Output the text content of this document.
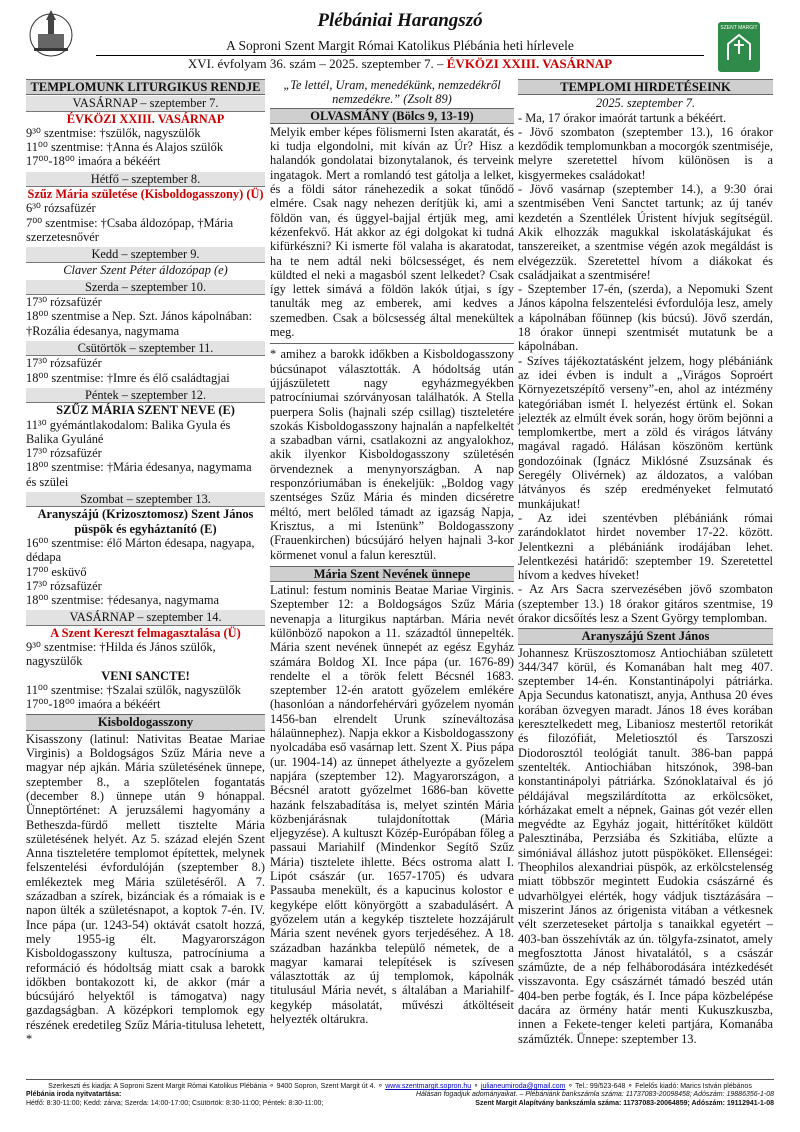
SZENT MARGIT
Plébániai Harangszó
A Soproni Szent Margit Római Katolikus Plébánia heti hírlevele
XVI. évfolyam 36. szám – 2025. szeptember 7. – ÉVKÖZI XXIII. VASÁRNAP
TEMPLOMUNK LITURGIKUS RENDJE
VASÁRNAP – szeptember 7.

ÉVKÖZI XXIII. VASÁRNAP

9³⁰ szentmise: †szülők, nagyszülők

11⁰⁰ szentmise: †Anna és Alajos szülők

17⁰⁰-18⁰⁰ imaóra a békéért

Hétfő – szeptember 8.

Szűz Mária születése (Kisboldogasszony) (Ü)

6³⁰ rózsafüzér

7⁰⁰ szentmise: †Csaba áldozópap, †Mária szerzetesnővér

Kedd – szeptember 9.

Claver Szent Péter áldozópap (e)

Szerda – szeptember 10.

17³⁰ rózsafüzér

18⁰⁰ szentmise a Nep. Szt. János kápolnában: †Rozália édesanya, nagymama

Csütörtök – szeptember 11.

17³⁰ rózsafüzér

18⁰⁰ szentmise: †Imre és élő családtagjai

Péntek – szeptember 12.

SZŰZ MÁRIA SZENT NEVE (E)

11³⁰ gyémántlakodalom: Balika Gyula és Balika Gyuláné

17³⁰ rózsafüzér

18⁰⁰ szentmise: †Mária édesanya, nagymama és szülei

Szombat – szeptember 13.

Aranyszájú (Krizosztomosz) Szent János püspök és egyháztanító (E)

16⁰⁰ szentmise: élő Márton édesapa, nagyapa, dédapa

17⁰⁰ esküvő

17³⁰ rózsafüzér

18⁰⁰ szentmise: †édesanya, nagymama

VASÁRNAP – szeptember 14.

A Szent Kereszt felmagasztalása (Ü)

9³⁰ szentmise: †Hilda és János szülők, nagyszülők

VENI SANCTE!

11⁰⁰ szentmise: †Szalai szülők, nagyszülők

17⁰⁰-18⁰⁰ imaóra a békéért

Kisboldogasszony

Kisasszony (latinul: Nativitas Beatae Mariae Virginis) a Boldogságos Szűz Mária neve a magyar nép ajkán. Mária születésének ünnepe, szeptember 8., a szeplőtelen fogantatás (december 8.) ünnepe után 9 hónappal. Ünneptörténet: A jeruzsálemi hagyomány a Betheszda-fürdő mellett tisztelte Mária születésének helyét. Az 5. század elején Szent Anna tiszteletére templomot építettek, melynek felszentelési évfordulóján (szeptember 8.) emlékeztek meg Mária születéséről. A 7. században a szírek, bizánciak és a rómaiak is e napon ülték a születésnapot, a koptok 7-én. IV. Ince pápa (ur. 1243-54) oktávát csatolt hozzá, mely 1955-ig élt. Magyarországon Kisboldogasszony kultusza, patrocíniuma a reformáció és hódoltság miatt csak a barokk időkben bontakozott ki, de akkor (már a búcsújáró helyektől is támogatva) nagy gazdagságban. A középkori templomok egy részének eredetileg Szűz Mária-titulusa lehetett, *

„Te lettél, Uram, menedékünk, nemzedékről nemzedékre.” (Zsolt 89)

OLVASMÁNY (Bölcs 9, 13-19)

Melyik ember képes fölismerni Isten akaratát, és ki tudja elgondolni, mit kíván az Úr? Hisz a halandók gondolatai bizonytalanok, és terveink ingatagok. Mert a romlandó test gátolja a lelket, és a földi sátor ránehezedik a sokat tűnődő elmére. Csak nagy nehezen derítjük ki, ami a földön van, és üggyel-bajjal értjük meg, ami kézenfekvő. Hát akkor az égi dolgokat ki tudná kifürkészni? Ki ismerte föl valaha is akaratodat, ha te nem adtál neki bölcsességet, és nem küldted el neki a magasból szent lelkedet? Csak így lettek simává a földön lakók útjai, s így tanulták meg az emberek, ami kedves a szemedben. Csak a bölcsesség által menekültek meg.

* amihez a barokk időkben a Kisboldogasszony búcsúnapot választották. A hódoltság után újjászületett nagy egyházmegyékben patrocíniumai szórványosan találhatók. A Stella puerpera Solis (hajnali szép csillag) tiszteletére szokás Kisboldogasszony hajnalán a napfelkeltét a szabadban várni, csatlakozni az angyalokhoz, akik ilyenkor Kisboldogasszony születésén örvendeznek a menynyországban. A nap responzóriumában is énekeljük: „Boldog vagy szentséges Szűz Mária és minden dicséretre méltó, mert belőled támadt az igazság Napja, Krisztus, a mi Istenünk” Boldogasszony (Frauenkirchen) búcsújáró helyen hajnali 3-kor körmenet vonul a falun keresztül.

Mária Szent Nevének ünnepe

Latinul: festum nominis Beatae Mariae Virginis. Szeptember 12: a Boldogságos Szűz Mária nevenapja a liturgikus naptárban. Mária nevét különböző napokon a 11. századtól ünnepelték. Mária szent nevének ünnepét az egész Egyház számára Boldog XI. Ince pápa (ur. 1676-89) rendelte el a török felett Bécsnél 1683. szeptember 12-én aratott győzelem emlékére (hasonlóan a nándorfehérvári győzelem nyomán 1456-ban elrendelt Urunk színeváltozása hálaünnephez). Napja ekkor a Kisboldogasszony nyolcadába eső vasárnap lett. Szent X. Pius pápa (ur. 1904-14) az ünnepet áthelyezte a győzelem napjára (szeptember 12). Magyarországon, a Bécsnél aratott győzelmet 1686-ban követte hazánk felszabadítása is, melyet szintén Mária közbenjárásnak tulajdonítottak (Mária eljegyzése). A kultuszt Közép-Európában főleg a passaui Mariahilf (Mindenkor Segítő Szűz Mária) tisztelete ihlette. Bécs ostroma alatt I. Lipót császár (ur. 1657-1705) és udvara Passauba menekült, és a kapucinus kolostor e kegyképe előtt könyörgött a szabadulásért. A győzelem után a kegykép tisztelete hozzájárult Mária szent nevének gyors terjedéséhez. A 18. században hazánkba települő németek, de a magyar kamarai telepítések is szívesen választották az új templomok, kápolnák titulusául Mária nevét, s általában a Mariahilf-kegykép másolatát, művészi átköltéseit helyezték oltárukra.

TEMPLOMI HIRDETÉSEINK

2025. szeptember 7.

- Ma, 17 órakor imaórát tartunk a békéért.

- Jövő szombaton (szeptember 13.), 16 órakor kezdődik templomunkban a mocorgók szentmiséje, melyre szeretettel hívom különösen is a kisgyermekes családokat!

- Jövő vasárnap (szeptember 14.), a 9:30 órai szentmisében Veni Sanctet tartunk; az új tanév kezdetén a Szentlélek Úristent hívjuk segítségül. Akik elhozzák magukkal iskolatáskájukat és tanszereiket, a szentmise végén azok megáldást is elvégezzük. Szeretettel hívom a diákokat és családjaikat a szentmisére!

- Szeptember 17-én, (szerda), a Nepomuki Szent János kápolna felszentelési évfordulója lesz, amely a kápolnában főünnep (kis búcsú). Jövő szerdán, 18 órakor ünnepi szentmisét mutatunk be a kápolnában.

- Szíves tájékoztatásként jelzem, hogy plébániánk az idei évben is indult a „Virágos Soproért Környezetszépítő verseny”-en, ahol az intézmény kategóriában ismét I. helyezést értünk el. Sokan jelezték az elmúlt évek során, hogy öröm bejönni a templomkertbe, mert a zöld és virágos látvány magával ragadó. Hálásan köszönöm kertünk gondozóinak (Ignácz Miklósné Zsuzsának és Seregély Olivérnek) az áldozatos, a valóban látványos és szép eredményeket felmutató munkájukat!

- Az idei szentévben plébániánk római zarándoklatot hirdet november 17-22. között. Jelentkezni a plébániánk irodájában lehet. Jelentkezési határidő: szeptember 19. Szeretettel hívom a kedves híveket!

- Az Ars Sacra szervezésében jövő szombaton (szeptember 13.) 18 órakor gitáros szentmise, 19 órakor dicsőítés lesz a Szent György templomban.

Aranyszájú Szent János

Johannesz Krüszosztomosz Antiochiában született 344/347 körül, és Komanában halt meg 407. szeptember 14-én. Konstantinápolyi pátriárka. Apja Secundus katonatiszt, anyja, Anthusa 20 éves korában özvegyen maradt. János 18 éves korában keresztelkedett meg, Libaniosz mestertől retorikát és filozófiát, Meletiosztól és Tarszoszi Diodorosztól teológiát tanult. 386-ban pappá szentelték. Antiochiában hitszónok, 398-ban konstantinápolyi pátriárka. Szónoklataival és jó példájával megszilárdította az erkölcsöket, kórházakat emelt a népnek, Gainas gót vezér ellen megvédte az Egyház jogait, hittérítőket küldött Palesztinába, Perzsiába és Szkitiába, elűzte a simóniával álláshoz jutott püspököket. Ellenségei: Theophilos alexandriai püspök, az erkölcstelenség miatt többször megintett Eudokia császárné és udvarhölgyei elérték, hogy vádjuk tisztázására – miszerint János az órigenista vitában a vétkesnek vélt szerzeteseket pártolja s tanaikkal egyetért – 403-ban összehívták az ún. tölgyfa-zsinatot, amely megfosztotta Jánost hivatalától, s a császár száműzte, de a nép felháborodására intézkedését visszavonta. Egy császárnét támadó beszéd után 404-ben perbe fogták, és I. Ince pápa közbelépése dacára az örmény határ menti Kukuszkuszba, innen a Fekete-tenger keleti partjára, Komanába száműzték. Ünnepe: szeptember 13.

Szerkeszti és kiadja: A Soproni Szent Margit Római Katolikus Plébánia ⚬ 9400 Sopron, Szent Margit út 4. ⚬ www.szentmargit.sopron.hu ⚬ julianeumiroda@gmail.com ⚬ Tel.: 99/523-648 ⚬ Felelős kiadó: Marics István plébános
Plébánia iroda nyitvatartása:
Hétfő: 8:30-11:00; Kedd: zárva; Szerda: 14:00-17:00; Csütörtök: 8:30-11:00; Péntek: 8:30-11:00;
Hálásan fogadjuk adományaikat. – Plébániánk bankszámla száma: 11737083-20098458; Adószám: 19886356-1-08
Szent Margit Alapítvány bankszámla száma: 11737083-20064859; Adószám: 19112941-1-08
